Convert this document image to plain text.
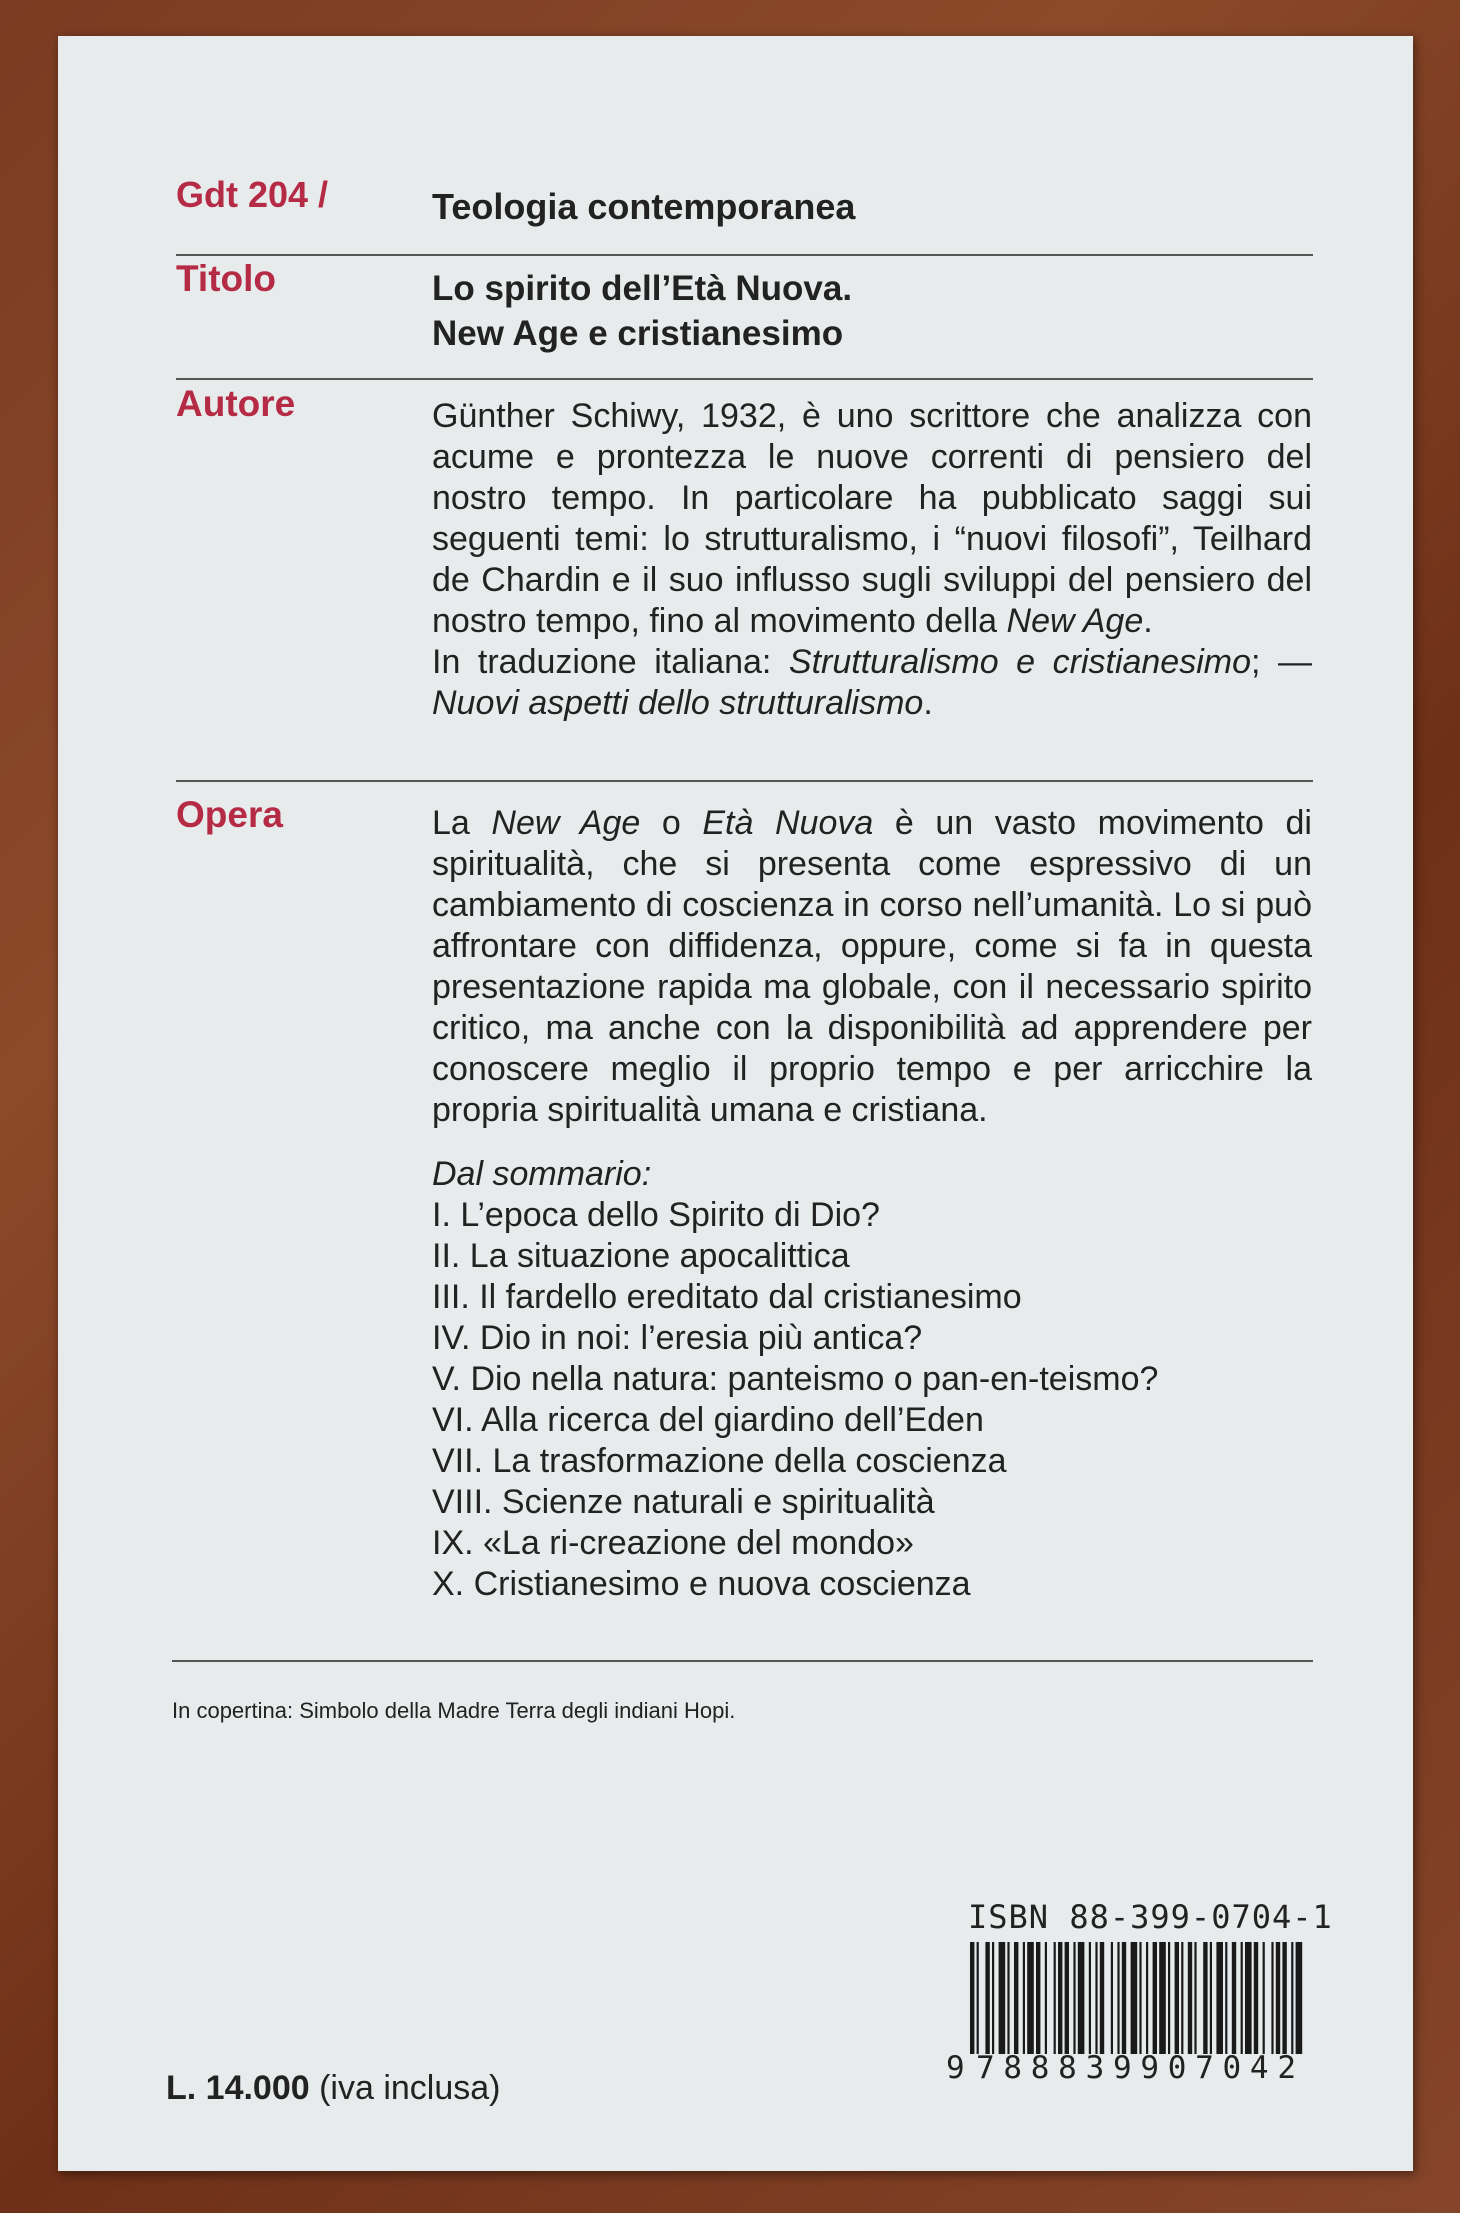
Gdt 204 /	Teologia contemporanea
Titolo	Lo spirito dell’Età Nuova.
New Age e cristianesimo
Autore	Günther Schiwy, 1932, è uno scrittore che analizza con acume e prontezza le nuove correnti di pensiero del nostro tempo. In particolare ha pubblicato saggi sui seguenti temi: lo strutturalismo, i “nuovi filosofi”, Teilhard de Chardin e il suo influsso sugli sviluppi del pensiero del nostro tempo, fino al movimento della New Age.

In traduzione italiana: Strutturalismo e cristianesimo; — Nuovi aspetti dello strutturalismo.

Opera	La New Age o Età Nuova è un vasto movimento di spiritualità, che si presenta come espressivo di un cambiamento di coscienza in corso nell’umanità. Lo si può affrontare con diffidenza, oppure, come si fa in questa presentazione rapida ma globale, con il necessario spirito critico, ma anche con la disponibilità ad apprendere per conoscere meglio il proprio tempo e per arricchire la propria spiritualità umana e cristiana.

Dal sommario:
I. L’epoca dello Spirito di Dio?
II. La situazione apocalittica
III. Il fardello ereditato dal cristianesimo
IV. Dio in noi: l’eresia più antica?
V. Dio nella natura: panteismo o pan-en-teismo?
VI. Alla ricerca del giardino dell’Eden
VII. La trasformazione della coscienza
VIII. Scienze naturali e spiritualità
IX. «La ri-creazione del mondo»
X. Cristianesimo e nuova coscienza
In copertina: Simbolo della Madre Terra degli indiani Hopi.
ISBN 88-399-0704-1
9 788839907042
L. 14.000 (iva inclusa)
